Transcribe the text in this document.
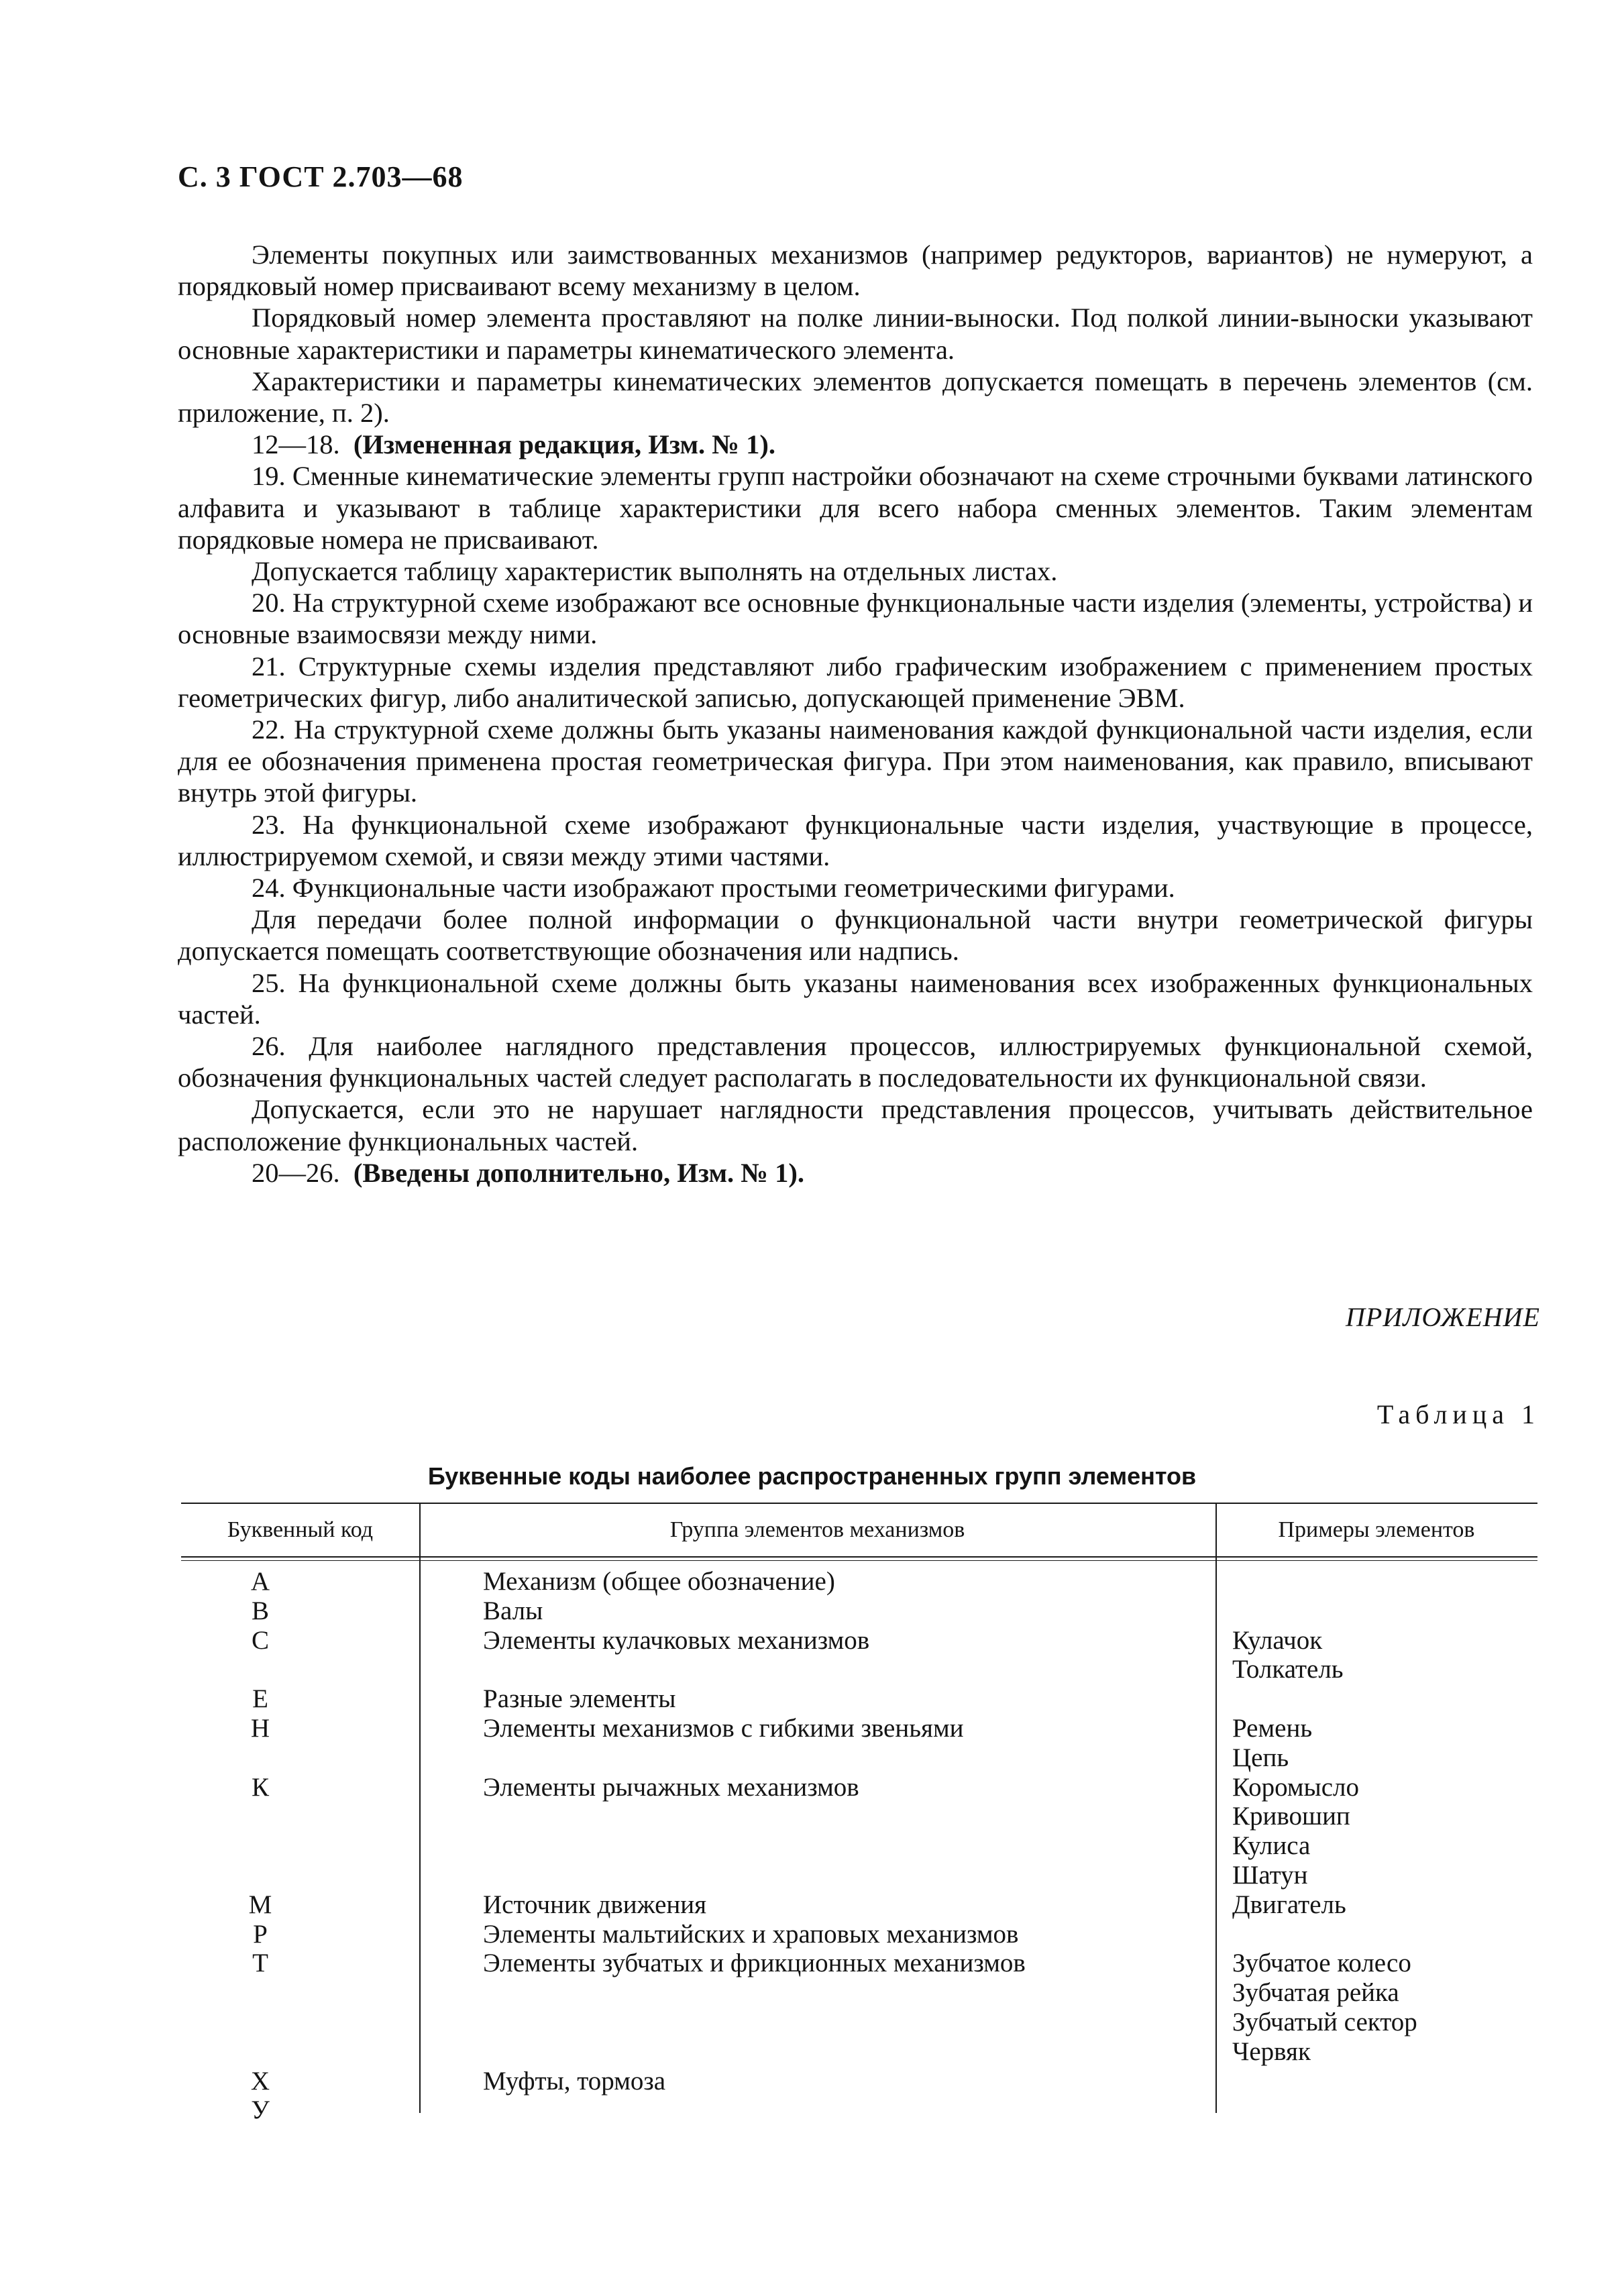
С. 3 ГОСТ 2.703—68

Элементы покупных или заимствованных механизмов (например редукторов, вариантов) не нумеруют, а порядковый номер присваивают всему механизму в целом.

Порядковый номер элемента проставляют на полке линии-выноски. Под полкой линии-выноски указывают основные характеристики и параметры кинематического элемента.

Характеристики и параметры кинематических элементов допускается помещать в перечень элементов (см. приложение, п. 2).

12—18. (Измененная редакция, Изм. № 1).

19. Сменные кинематические элементы групп настройки обозначают на схеме строчными буквами латинского алфавита и указывают в таблице характеристики для всего набора сменных элементов. Таким элементам порядковые номера не присваивают.

Допускается таблицу характеристик выполнять на отдельных листах.

20. На структурной схеме изображают все основные функциональные части изделия (элементы, устройства) и основные взаимосвязи между ними.

21. Структурные схемы изделия представляют либо графическим изображением с применением простых геометрических фигур, либо аналитической записью, допускающей применение ЭВМ.

22. На структурной схеме должны быть указаны наименования каждой функциональной части изделия, если для ее обозначения применена простая геометрическая фигура. При этом наименования, как правило, вписывают внутрь этой фигуры.

23. На функциональной схеме изображают функциональные части изделия, участвующие в процессе, иллюстрируемом схемой, и связи между этими частями.

24. Функциональные части изображают простыми геометрическими фигурами.

Для передачи более полной информации о функциональной части внутри геометрической фигуры допускается помещать соответствующие обозначения или надпись.

25. На функциональной схеме должны быть указаны наименования всех изображенных функциональных частей.

26. Для наиболее наглядного представления процессов, иллюстрируемых функциональной схемой, обозначения функциональных частей следует располагать в последовательности их функциональной связи.

Допускается, если это не нарушает наглядности представления процессов, учитывать действительное расположение функциональных частей.

20—26. (Введены дополнительно, Изм. № 1).

ПРИЛОЖЕНИЕ
Таблица 1
Буквенные коды наиболее распространенных групп элементов
Буквенный код	Группа элементов механизмов	Примеры элементов
А	Механизм (общее обозначение)
В	Валы
С	Элементы кулачковых механизмов	Кулачок
Толкатель
Е	Разные элементы
Н	Элементы механизмов с гибкими звеньями	Ремень
Цепь
К	Элементы рычажных механизмов	Коромысло
Кривошип
Кулиса
Шатун
М	Источник движения	Двигатель
Р	Элементы мальтийских и храповых механизмов
Т	Элементы зубчатых и фрикционных механизмов	Зубчатое колесо
Зубчатая рейка
Зубчатый сектор
Червяк
Х	Муфты, тормоза
У
